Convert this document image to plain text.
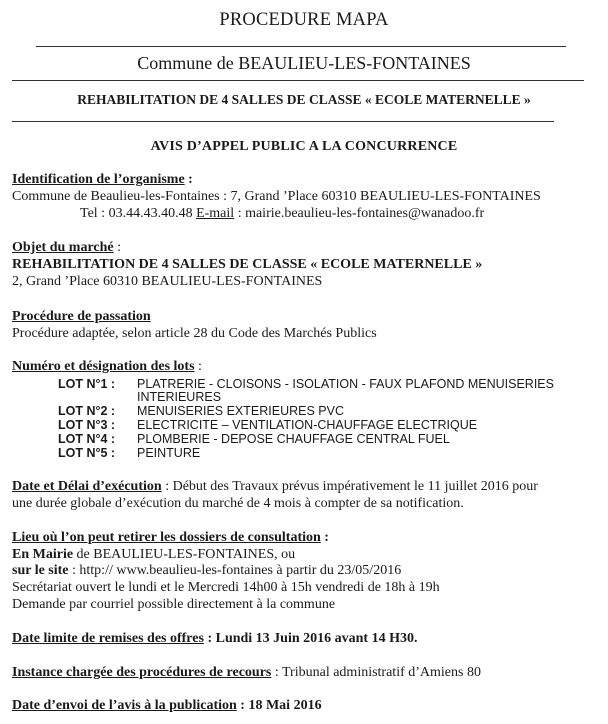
PROCEDURE MAPA
Commune de BEAULIEU-LES-FONTAINES
REHABILITATION DE 4 SALLES DE CLASSE « ECOLE MATERNELLE »
AVIS D’APPEL PUBLIC A LA CONCURRENCE
Identification de l’organisme :
Commune de Beaulieu-les-Fontaines : 7, Grand ’Place 60310 BEAULIEU-LES-FONTAINES
Tel : 03.44.43.40.48 E-mail : mairie.beaulieu-les-fontaines@wanadoo.fr
Objet du marché :
REHABILITATION DE 4 SALLES DE CLASSE « ECOLE MATERNELLE »
2, Grand ’Place 60310 BEAULIEU-LES-FONTAINES
Procédure de passation
Procédure adaptée, selon article 28 du Code des Marchés Publics
Numéro et désignation des lots :
LOT N°1 : PLATRERIE - CLOISONS - ISOLATION - FAUX PLAFOND MENUISERIES
INTERIEURES
LOT N°2 : MENUISERIES EXTERIEURES PVC
LOT N°3 : ELECTRICITE – VENTILATION-CHAUFFAGE ELECTRIQUE
LOT N°4 : PLOMBERIE - DEPOSE CHAUFFAGE CENTRAL FUEL
LOT N°5 : PEINTURE
Date et Délai d’exécution : Début des Travaux prévus impérativement le 11 juillet 2016 pour
une durée globale d’exécution du marché de 4 mois à compter de sa notification.
Lieu où l’on peut retirer les dossiers de consultation :
En Mairie de BEAULIEU-LES-FONTAINES, ou
sur le site : http:// www.beaulieu-les-fontaines à partir du 23/05/2016
Secrétariat ouvert le lundi et le Mercredi 14h00 à 15h vendredi de 18h à 19h
Demande par courriel possible directement à la commune
Date limite de remises des offres : Lundi 13 Juin 2016 avant 14 H30.
Instance chargée des procédures de recours : Tribunal administratif d’Amiens 80
Date d’envoi de l’avis à la publication : 18 Mai 2016
